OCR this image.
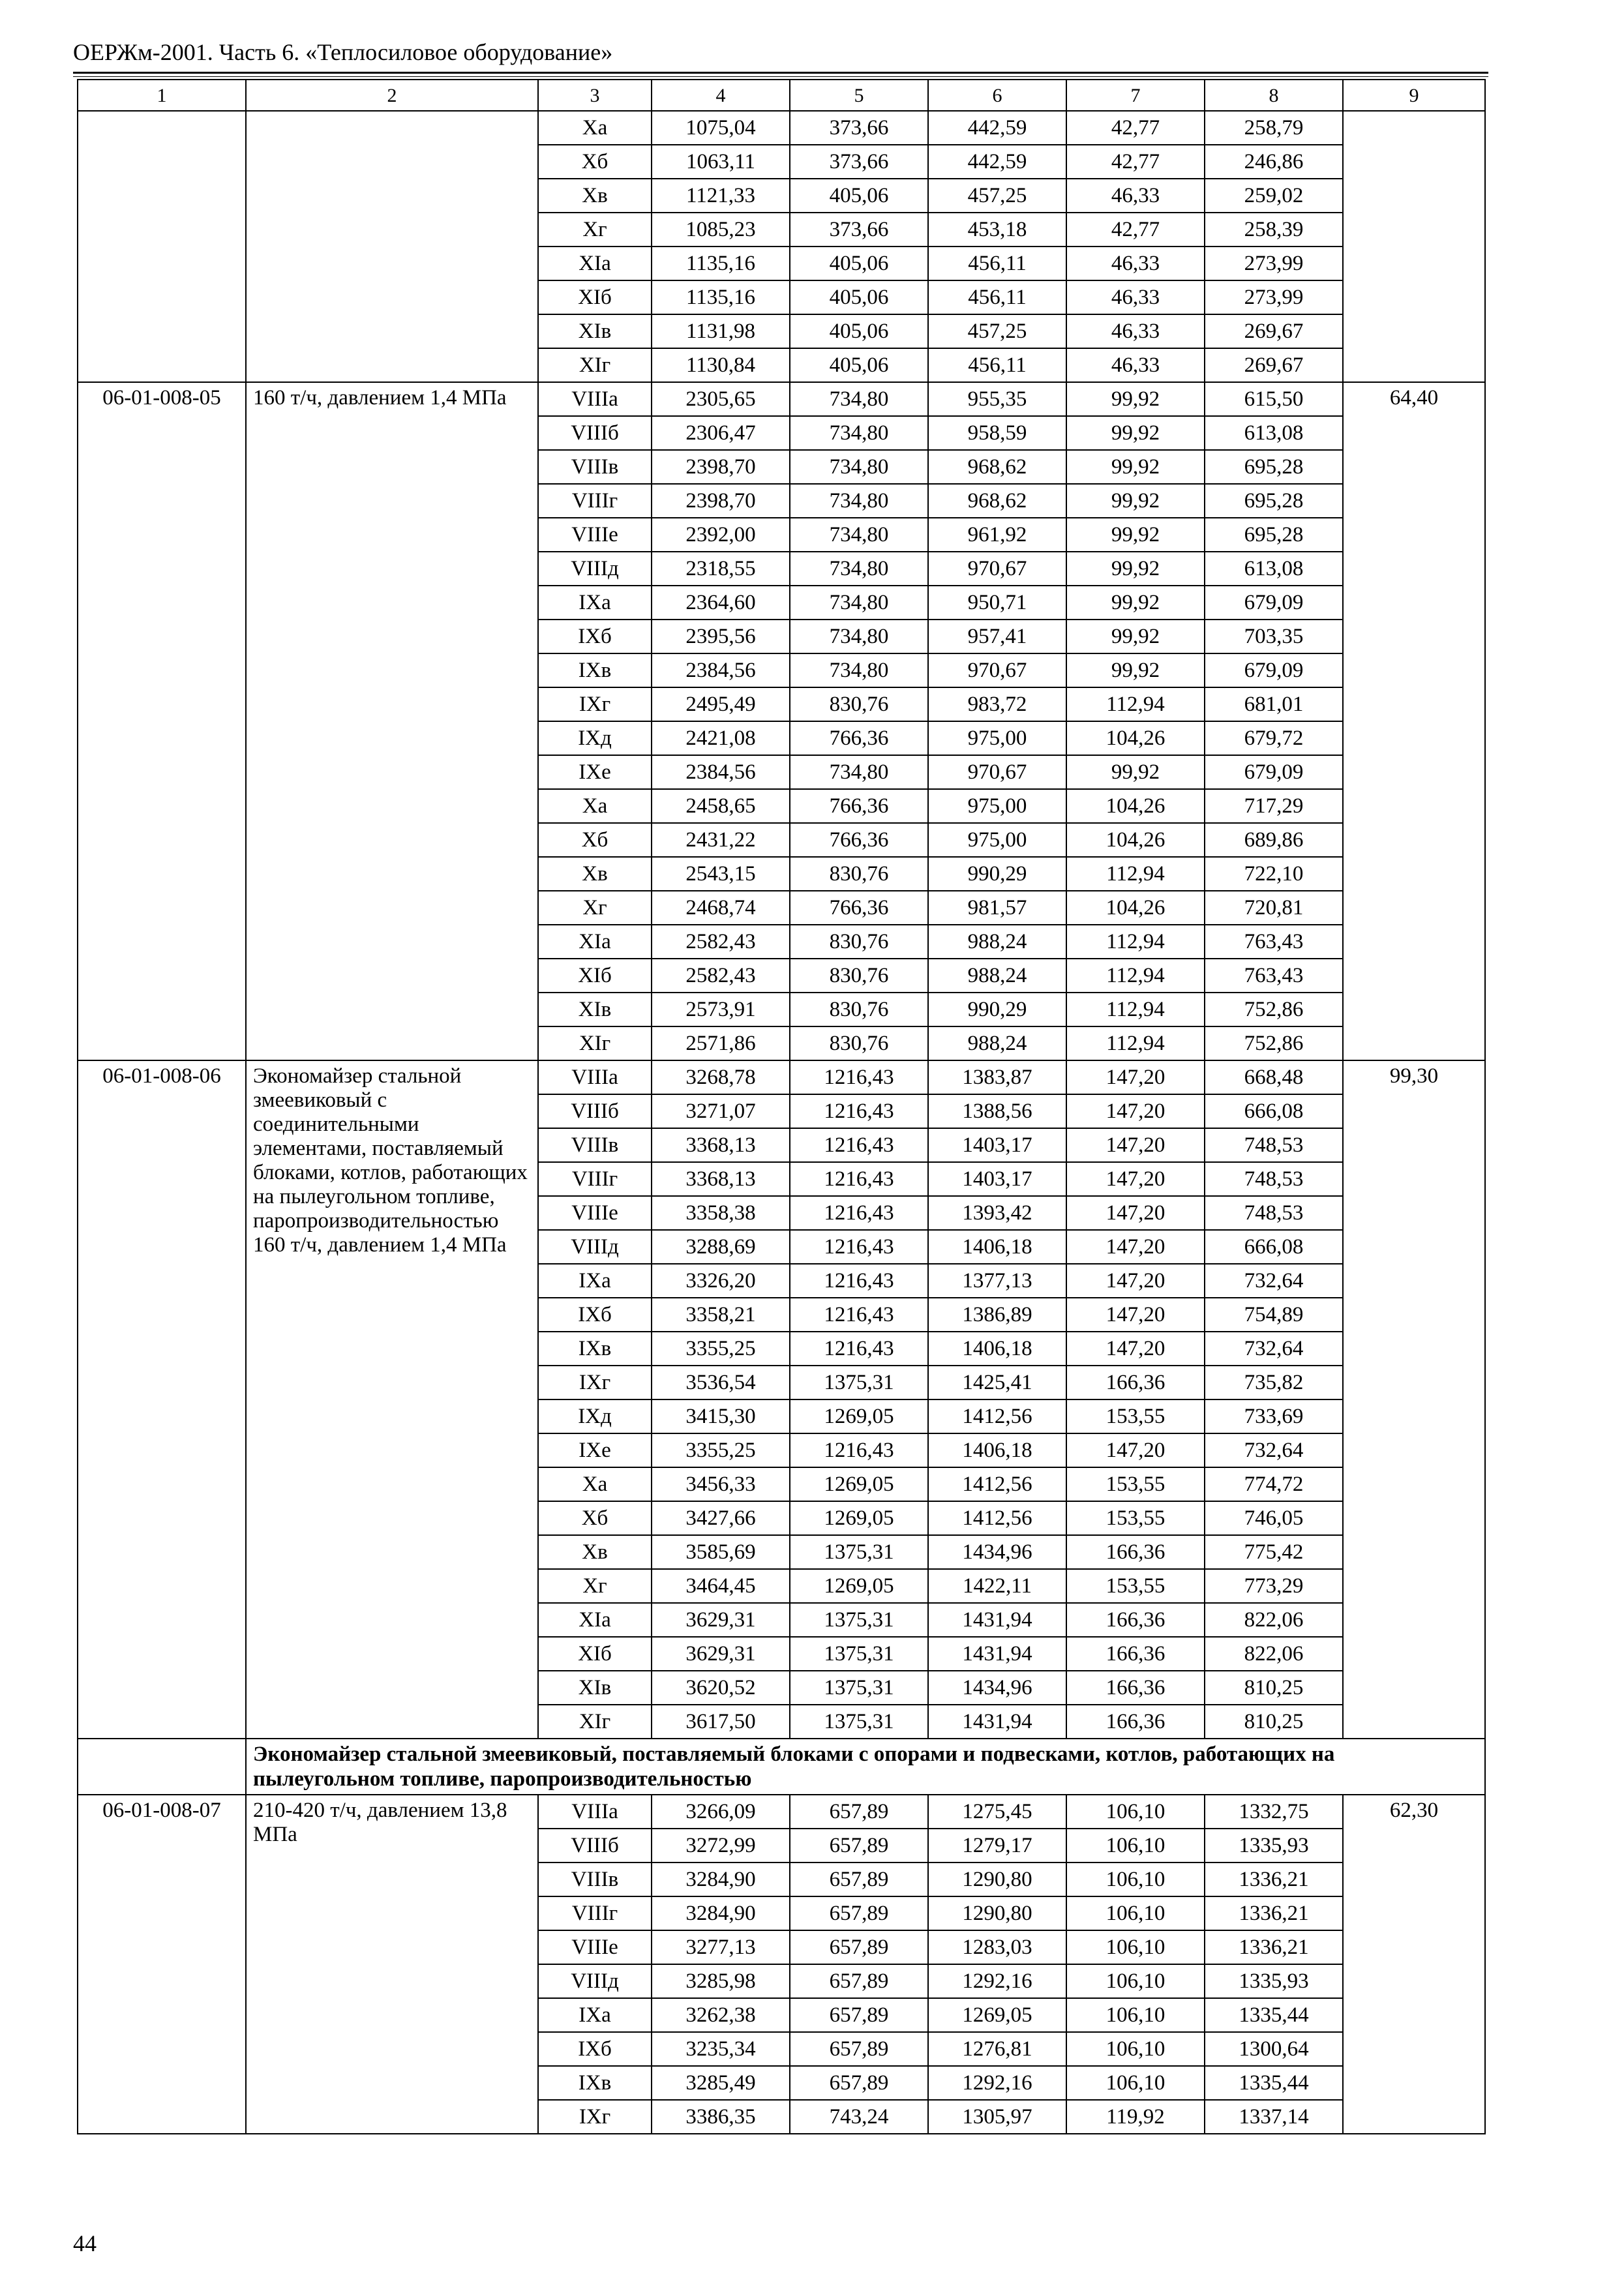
ОЕРЖм-2001. Часть 6. «Теплосиловое оборудование»
1	2	3	4	5	6	7	8	9
		Xa	1075,04	373,66	442,59	42,77	258,79	
		Xб	1063,11	373,66	442,59	42,77	246,86	
		Xв	1121,33	405,06	457,25	46,33	259,02	
		Xг	1085,23	373,66	453,18	42,77	258,39	
		XIa	1135,16	405,06	456,11	46,33	273,99	
		XIб	1135,16	405,06	456,11	46,33	273,99	
		XIв	1131,98	405,06	457,25	46,33	269,67	
		XIг	1130,84	405,06	456,11	46,33	269,67	
06-01-008-05	160 т/ч, давлением 1,4 МПа	VIIIa	2305,65	734,80	955,35	99,92	615,50	64,40
		VIIIб	2306,47	734,80	958,59	99,92	613,08	
		VIIIв	2398,70	734,80	968,62	99,92	695,28	
		VIIIг	2398,70	734,80	968,62	99,92	695,28	
		VIIIе	2392,00	734,80	961,92	99,92	695,28	
		VIIIд	2318,55	734,80	970,67	99,92	613,08	
		IXa	2364,60	734,80	950,71	99,92	679,09	
		IXб	2395,56	734,80	957,41	99,92	703,35	
		IXв	2384,56	734,80	970,67	99,92	679,09	
		IXг	2495,49	830,76	983,72	112,94	681,01	
		IXд	2421,08	766,36	975,00	104,26	679,72	
		IXе	2384,56	734,80	970,67	99,92	679,09	
		Xa	2458,65	766,36	975,00	104,26	717,29	
		Xб	2431,22	766,36	975,00	104,26	689,86	
		Xв	2543,15	830,76	990,29	112,94	722,10	
		Xг	2468,74	766,36	981,57	104,26	720,81	
		XIa	2582,43	830,76	988,24	112,94	763,43	
		XIб	2582,43	830,76	988,24	112,94	763,43	
		XIв	2573,91	830,76	990,29	112,94	752,86	
		XIг	2571,86	830,76	988,24	112,94	752,86	
06-01-008-06	Экономайзер стальной змеевиковый с соединительными элементами, поставляемый блоками, котлов, работающих на пылеугольном топливе, паропроизводительностью 160 т/ч, давлением 1,4 МПа	VIIIa	3268,78	1216,43	1383,87	147,20	668,48	99,30
		VIIIб	3271,07	1216,43	1388,56	147,20	666,08	
		VIIIв	3368,13	1216,43	1403,17	147,20	748,53	
		VIIIг	3368,13	1216,43	1403,17	147,20	748,53	
		VIIIе	3358,38	1216,43	1393,42	147,20	748,53	
		VIIIд	3288,69	1216,43	1406,18	147,20	666,08	
		IXa	3326,20	1216,43	1377,13	147,20	732,64	
		IXб	3358,21	1216,43	1386,89	147,20	754,89	
		IXв	3355,25	1216,43	1406,18	147,20	732,64	
		IXг	3536,54	1375,31	1425,41	166,36	735,82	
		IXд	3415,30	1269,05	1412,56	153,55	733,69	
		IXе	3355,25	1216,43	1406,18	147,20	732,64	
		Xa	3456,33	1269,05	1412,56	153,55	774,72	
		Xб	3427,66	1269,05	1412,56	153,55	746,05	
		Xв	3585,69	1375,31	1434,96	166,36	775,42	
		Xг	3464,45	1269,05	1422,11	153,55	773,29	
		XIa	3629,31	1375,31	1431,94	166,36	822,06	
		XIб	3629,31	1375,31	1431,94	166,36	822,06	
		XIв	3620,52	1375,31	1434,96	166,36	810,25	
		XIг	3617,50	1375,31	1431,94	166,36	810,25	
	Экономайзер стальной змеевиковый, поставляемый блоками с опорами и подвесками, котлов, работающих на пылеугольном топливе, паропроизводительностью							
06-01-008-07	210-420 т/ч, давлением 13,8 МПа	VIIIa	3266,09	657,89	1275,45	106,10	1332,75	62,30
		VIIIб	3272,99	657,89	1279,17	106,10	1335,93	
		VIIIв	3284,90	657,89	1290,80	106,10	1336,21	
		VIIIг	3284,90	657,89	1290,80	106,10	1336,21	
		VIIIе	3277,13	657,89	1283,03	106,10	1336,21	
		VIIIд	3285,98	657,89	1292,16	106,10	1335,93	
		IXa	3262,38	657,89	1269,05	106,10	1335,44	
		IXб	3235,34	657,89	1276,81	106,10	1300,64	
		IXв	3285,49	657,89	1292,16	106,10	1335,44	
		IXг	3386,35	743,24	1305,97	119,92	1337,14	
44
